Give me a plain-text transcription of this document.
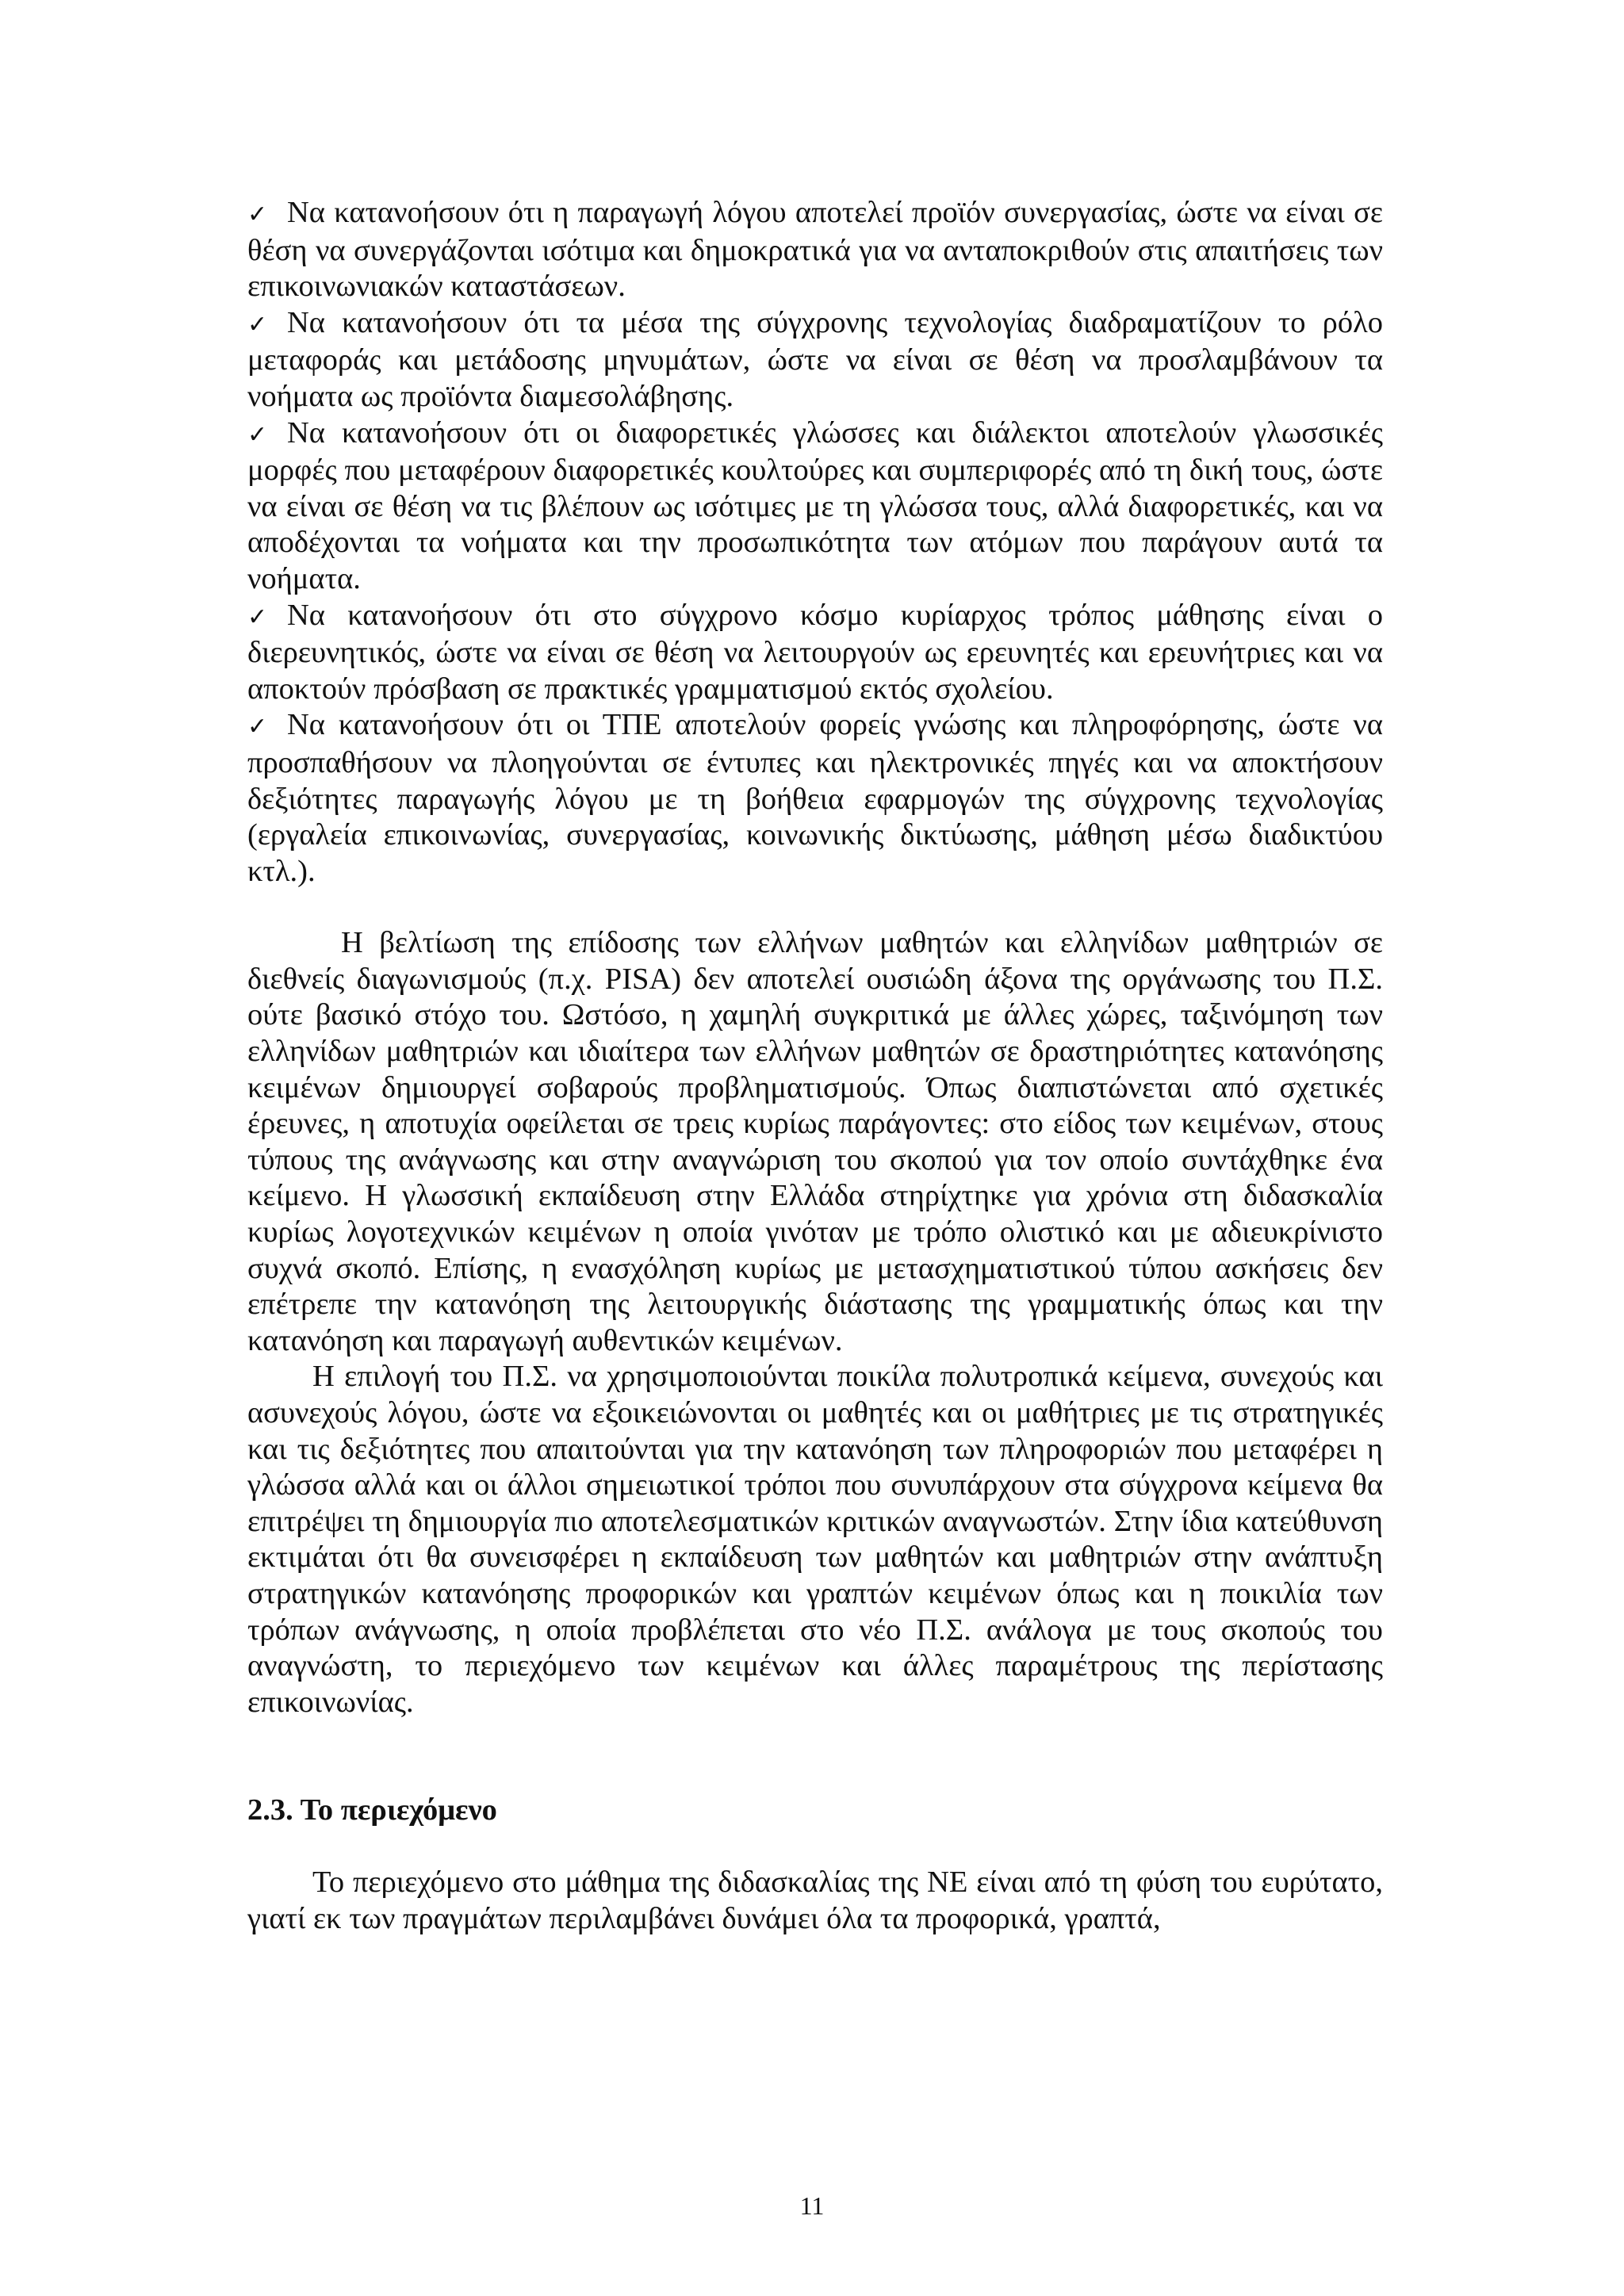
✓ Να κατανοήσουν ότι η παραγωγή λόγου αποτελεί προϊόν συνεργασίας, ώστε να είναι σε θέση να συνεργάζονται ισότιμα και δημοκρατικά για να ανταποκριθούν στις απαιτήσεις των επικοινωνιακών καταστάσεων.

✓ Να κατανοήσουν ότι τα μέσα της σύγχρονης τεχνολογίας διαδραματίζουν το ρόλο μεταφοράς και μετάδοσης μηνυμάτων, ώστε να είναι σε θέση να προσλαμβάνουν τα νοήματα ως προϊόντα διαμεσολάβησης.

✓ Να κατανοήσουν ότι οι διαφορετικές γλώσσες και διάλεκτοι αποτελούν γλωσσικές μορφές που μεταφέρουν διαφορετικές κουλτούρες και συμπεριφορές από τη δική τους, ώστε να είναι σε θέση να τις βλέπουν ως ισότιμες με τη γλώσσα τους, αλλά διαφορετικές, και να αποδέχονται τα νοήματα και την προσωπικότητα των ατόμων που παράγουν αυτά τα νοήματα.

✓ Να κατανοήσουν ότι στο σύγχρονο κόσμο κυρίαρχος τρόπος μάθησης είναι ο διερευνητικός, ώστε να είναι σε θέση να λειτουργούν ως ερευνητές και ερευνήτριες και να αποκτούν πρόσβαση σε πρακτικές γραμματισμού εκτός σχολείου.

✓ Να κατανοήσουν ότι οι ΤΠΕ αποτελούν φορείς γνώσης και πληροφόρησης, ώστε να προσπαθήσουν να πλοηγούνται σε έντυπες και ηλεκτρονικές πηγές και να αποκτήσουν δεξιότητες παραγωγής λόγου με τη βοήθεια εφαρμογών της σύγχρονης τεχνολογίας (εργαλεία επικοινωνίας, συνεργασίας, κοινωνικής δικτύωσης, μάθηση μέσω διαδικτύου κτλ.).

Η βελτίωση της επίδοσης των ελλήνων μαθητών και ελληνίδων μαθητριών σε διεθνείς διαγωνισμούς (π.χ. PISA) δεν αποτελεί ουσιώδη άξονα της οργάνωσης του Π.Σ. ούτε βασικό στόχο του. Ωστόσο, η χαμηλή συγκριτικά με άλλες χώρες, ταξινόμηση των ελληνίδων μαθητριών και ιδιαίτερα των ελλήνων μαθητών σε δραστηριότητες κατανόησης κειμένων δημιουργεί σοβαρούς προβληματισμούς. Όπως διαπιστώνεται από σχετικές έρευνες, η αποτυχία οφείλεται σε τρεις κυρίως παράγοντες: στο είδος των κειμένων, στους τύπους της ανάγνωσης και στην αναγνώριση του σκοπού για τον οποίο συντάχθηκε ένα κείμενο. Η γλωσσική εκπαίδευση στην Ελλάδα στηρίχτηκε για χρόνια στη διδασκαλία κυρίως λογοτεχνικών κειμένων η οποία γινόταν με τρόπο ολιστικό και με αδιευκρίνιστο συχνά σκοπό. Επίσης, η ενασχόληση κυρίως με μετασχηματιστικού τύπου ασκήσεις δεν επέτρεπε την κατανόηση της λειτουργικής διάστασης της γραμματικής όπως και την κατανόηση και παραγωγή αυθεντικών κειμένων.

Η επιλογή του Π.Σ. να χρησιμοποιούνται ποικίλα πολυτροπικά κείμενα, συνεχούς και ασυνεχούς λόγου, ώστε να εξοικειώνονται οι μαθητές και οι μαθήτριες με τις στρατηγικές και τις δεξιότητες που απαιτούνται για την κατανόηση των πληροφοριών που μεταφέρει η γλώσσα αλλά και οι άλλοι σημειωτικοί τρόποι που συνυπάρχουν στα σύγχρονα κείμενα θα επιτρέψει τη δημιουργία πιο αποτελεσματικών κριτικών αναγνωστών. Στην ίδια κατεύθυνση εκτιμάται ότι θα συνεισφέρει η εκπαίδευση των μαθητών και μαθητριών στην ανάπτυξη στρατηγικών κατανόησης προφορικών και γραπτών κειμένων όπως και η ποικιλία των τρόπων ανάγνωσης, η οποία προβλέπεται στο νέο Π.Σ. ανάλογα με τους σκοπούς του αναγνώστη, το περιεχόμενο των κειμένων και άλλες παραμέτρους της περίστασης επικοινωνίας.

2.3. Το περιεχόμενο

Το περιεχόμενο στο μάθημα της διδασκαλίας της ΝΕ είναι από τη φύση του ευρύτατο, γιατί εκ των πραγμάτων περιλαμβάνει δυνάμει όλα τα προφορικά, γραπτά,

11
